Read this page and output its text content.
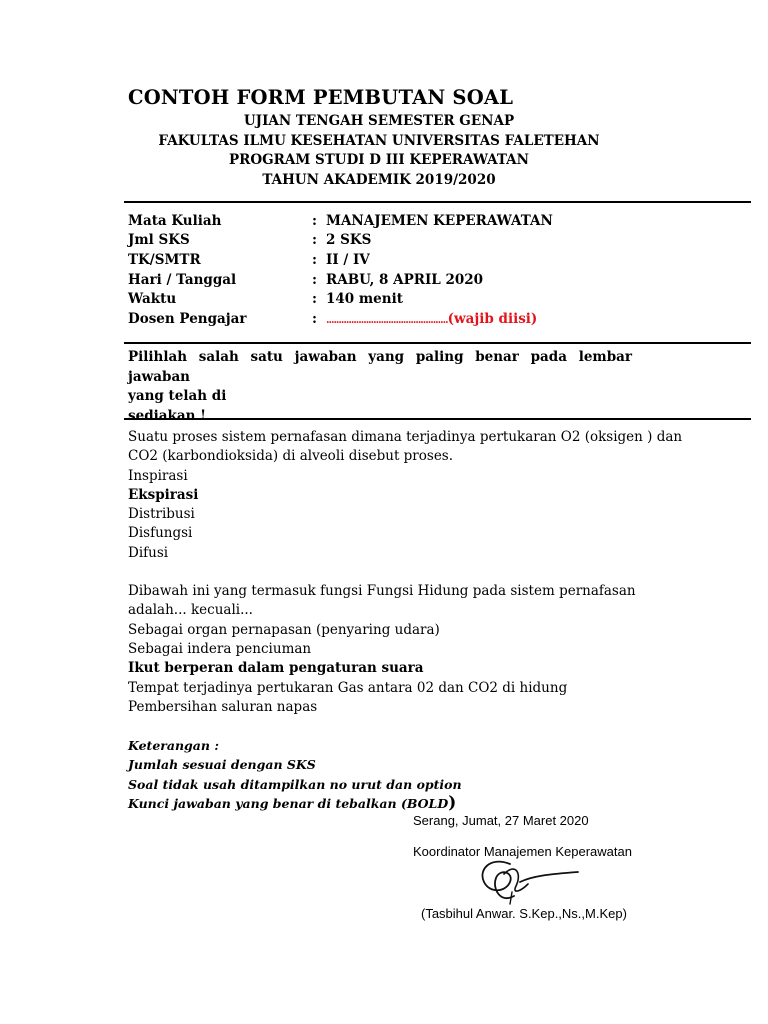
CONTOH FORM PEMBUTAN SOAL
UJIAN TENGAH SEMESTER GENAP
FAKULTAS ILMU KESEHATAN UNIVERSITAS FALETEHAN
PROGRAM STUDI D III KEPERAWATAN
TAHUN AKADEMIK 2019/2020
Mata Kuliah	: MANAJEMEN KEPERAWATAN
Jml SKS	: 2 SKS
TK/SMTR	: II / IV
Hari / Tanggal	: RABU, 8 APRIL 2020
Waktu	: 140 menit
Dosen Pengajar	: .................................................(wajib diisi)
Pilihlah salah satu jawaban yang paling benar pada lembar jawaban
yang telah di
sediakan !
Suatu proses sistem pernafasan dimana terjadinya pertukaran O2 (oksigen ) dan
CO2 (karbondioksida) di alveoli disebut proses.
Inspirasi
Ekspirasi
Distribusi
Disfungsi
Difusi
Dibawah ini yang termasuk fungsi Fungsi Hidung pada sistem pernafasan
adalah... kecuali...
Sebagai organ pernapasan (penyaring udara)
Sebagai indera penciuman
Ikut berperan dalam pengaturan suara
Tempat terjadinya pertukaran Gas antara 02 dan CO2 di hidung
Pembersihan saluran napas
Keterangan :
Jumlah sesuai dengan SKS
Soal tidak usah ditampilkan no urut dan option
Kunci jawaban yang benar di tebalkan (BOLD)
Serang, Jumat, 27 Maret 2020
Koordinator Manajemen Keperawatan
(Tasbihul Anwar. S.Kep.,Ns.,M.Kep)
